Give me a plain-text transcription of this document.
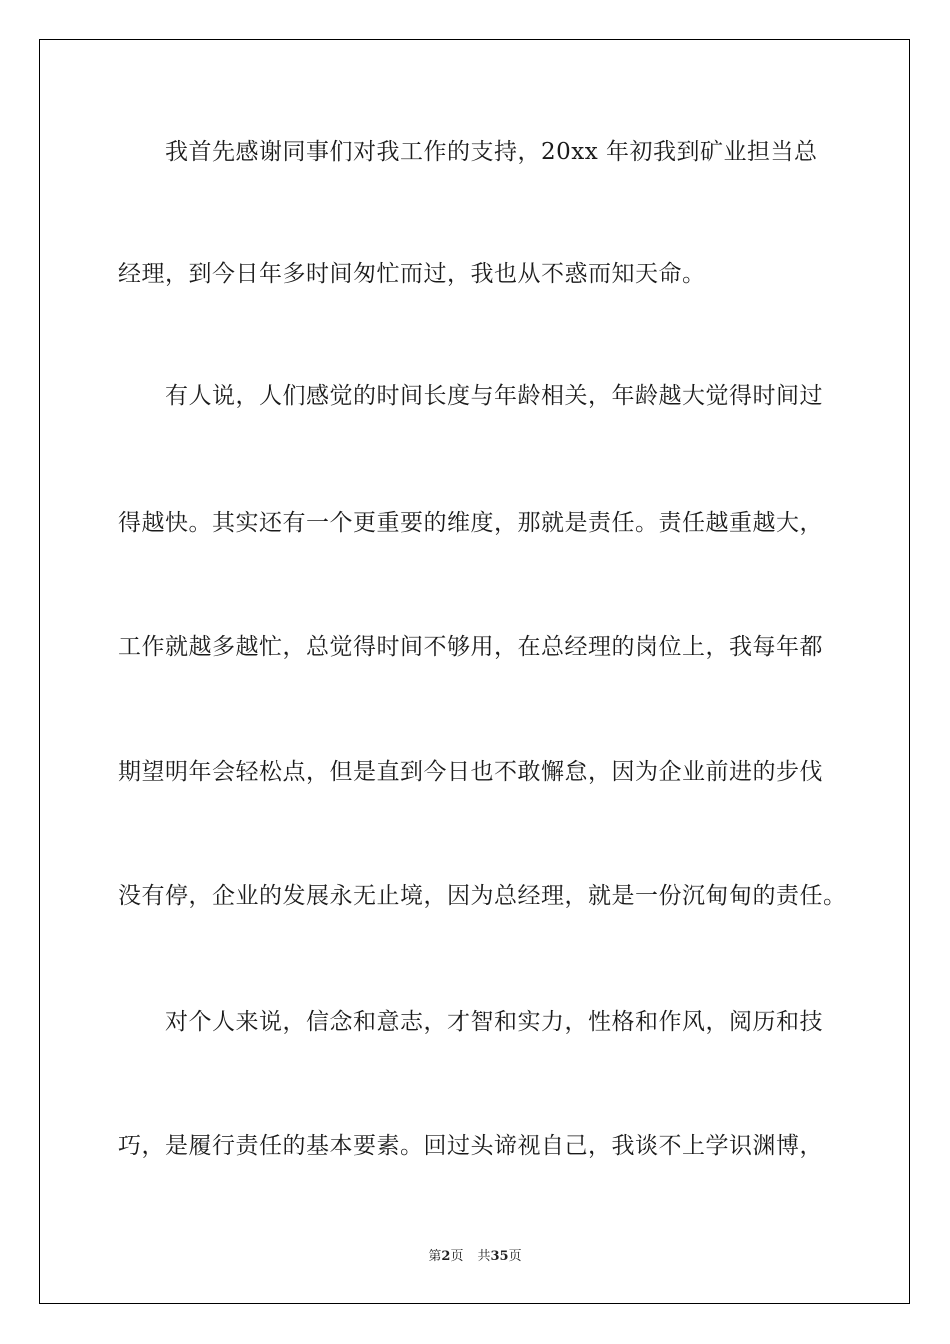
我首先感谢同事们对我工作的支持，20xx 年初我到矿业担当总
经理，到今日年多时间匆忙而过，我也从不惑而知天命。
有人说，人们感觉的时间长度与年龄相关，年龄越大觉得时间过
得越快。其实还有一个更重要的维度，那就是责任。责任越重越大，
工作就越多越忙，总觉得时间不够用，在总经理的岗位上，我每年都
期望明年会轻松点，但是直到今日也不敢懈怠，因为企业前进的步伐
没有停，企业的发展永无止境，因为总经理，就是一份沉甸甸的责任。
对个人来说，信念和意志，才智和实力，性格和作风，阅历和技
巧，是履行责任的基本要素。回过头谛视自己，我谈不上学识渊博，
第2页 共35页
